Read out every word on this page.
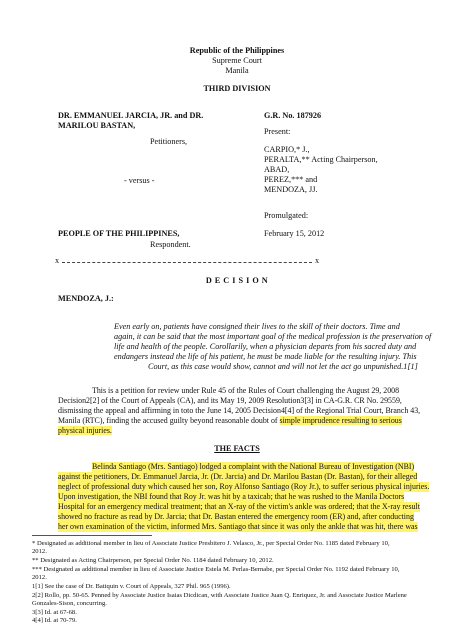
Republic of the Philippines
Supreme Court
Manila
THIRD DIVISION
DR. EMMANUEL JARCIA, JR. and DR.
MARILOU BASTAN,
Petitioners,
- versus -
PEOPLE OF THE PHILIPPINES,
Respondent.
G.R. No. 187926
Present:
CARPIO,* J.,
PERALTA,** Acting Chairperson,
ABAD,
PEREZ,*** and
MENDOZA, JJ.
Promulgated:
February 15, 2012
x	x
D E C I S I O N
MENDOZA, J.:
Even early on, patients have consigned their lives to the skill of their doctors. Time and
again, it can be said that the most important goal of the medical profession is the preservation of
life and health of the people. Corollarily, when a physician departs from his sacred duty and
endangers instead the life of his patient, he must be made liable for the resulting injury. This
Court, as this case would show, cannot and will not let the act go unpunished.1[1]
This is a petition for review under Rule 45 of the Rules of Court challenging the August 29, 2008
Decision2[2] of the Court of Appeals (CA), and its May 19, 2009 Resolution3[3] in CA-G.R. CR No. 29559,
dismissing the appeal and affirming in toto the June 14, 2005 Decision4[4] of the Regional Trial Court, Branch 43,
Manila (RTC), finding the accused guilty beyond reasonable doubt of simple imprudence resulting to serious
physical injuries.
THE FACTS
Belinda Santiago (Mrs. Santiago) lodged a complaint with the National Bureau of Investigation (NBI)
against the petitioners, Dr. Emmanuel Jarcia, Jr. (Dr. Jarcia) and Dr. Marilou Bastan (Dr. Bastan), for their alleged
neglect of professional duty which caused her son, Roy Alfonso Santiago (Roy Jr.), to suffer serious physical injuries.
Upon investigation, the NBI found that Roy Jr. was hit by a taxicab; that he was rushed to the Manila Doctors
Hospital for an emergency medical treatment; that an X-ray of the victim's ankle was ordered; that the X-ray result
showed no fracture as read by Dr. Jarcia; that Dr. Bastan entered the emergency room (ER) and, after conducting
her own examination of the victim, informed Mrs. Santiago that since it was only the ankle that was hit, there was
* Designated as additional member in lieu of Associate Justice Presbitero J. Velasco, Jr., per Special Order No. 1185 dated February 10,
2012.
** Designated as Acting Chairperson, per Special Order No. 1184 dated February 10, 2012.
*** Designated as additional member in lieu of Associate Justice Estela M. Perlas-Bernabe, per Special Order No. 1192 dated February 10,
2012.
1[1] See the case of Dr. Batiquin v. Court of Appeals, 327 Phil. 965 (1996).
2[2] Rollo, pp. 50-65. Penned by Associate Justice Isaias Dicdican, with Associate Justice Juan Q. Enriquez, Jr. and Associate Justice Marlene
Gonzales-Sison, concurring.
3[3] Id. at 67-68.
4[4] Id. at 70-79.
